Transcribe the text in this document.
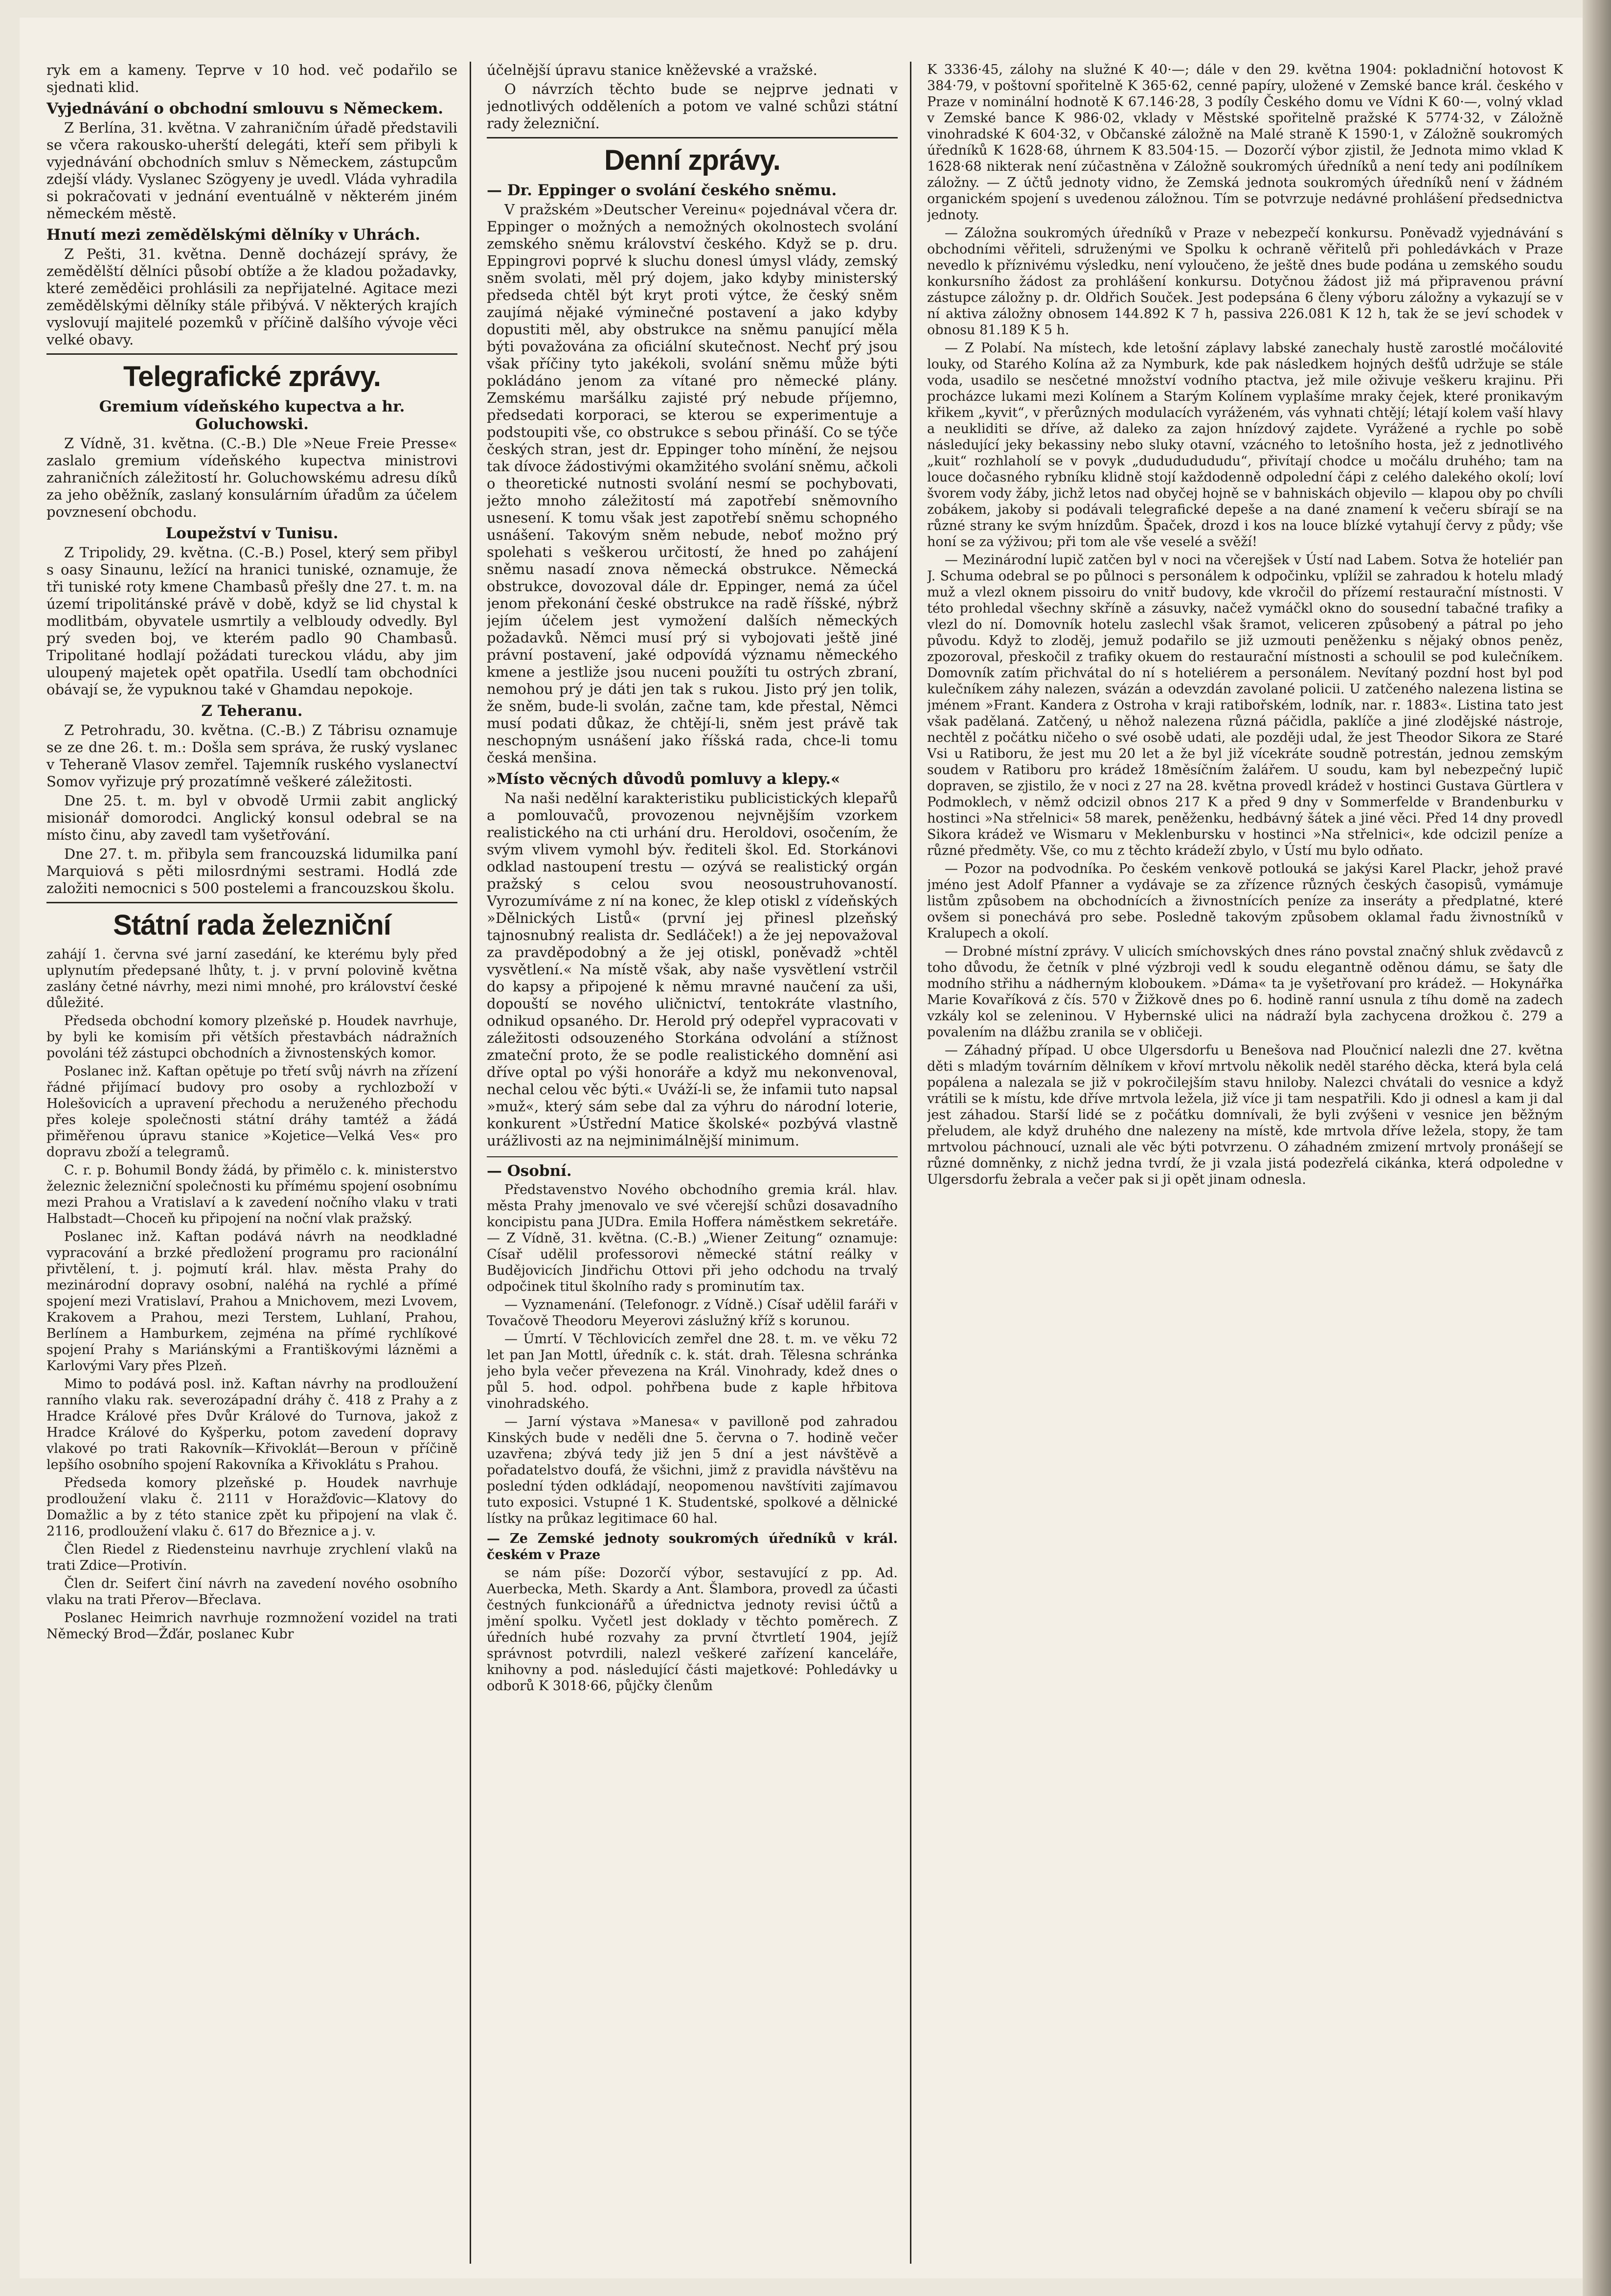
ryk em a kameny. Teprve v 10 hod. več podařilo se sjednati klid.

Vyjednávání o obchodní smlouvu s Německem.

Z Berlína, 31. května. V zahraničním úřadě představili se včera rakousko-uherští delegáti, kteří sem přibyli k vyjednávání obchodních smluv s Německem, zástupcům zdejší vlády. Vyslanec Szögyeny je uvedl. Vláda vyhradila si pokračovati v jednání eventuálně v některém jiném německém městě.

Hnutí mezi zemědělskými dělníky v Uhrách.

Z Pešti, 31. května. Denně docházejí správy, že zemědělští dělníci působí obtíže a že kladou požadavky, které zeměděici prohlásili za nepřijatelné. Agitace mezi zemědělskými dělníky stále přibývá. V některých krajích vyslovují majitelé pozemků v příčině dalšího vývoje věci velké obavy.

Telegrafické zprávy.
Gremium vídeňského kupectva a hr. Goluchowski.

Z Vídně, 31. května. (C.-B.) Dle »Neue Freie Presse« zaslalo gremium vídeňského kupectva ministrovi zahraničních záležitostí hr. Goluchowskému adresu díků za jeho oběžník, zaslaný konsulárním úřadům za účelem povznesení obchodu.

Loupežství v Tunisu.

Z Tripolidy, 29. května. (C.-B.) Posel, který sem přibyl s oasy Sinaunu, ležící na hranici tuniské, oznamuje, že tři tuniské roty kmene Chambasů přešly dne 27. t. m. na území tripolitánské právě v době, když se lid chystal k modlitbám, obyvatele usmrtily a velbloudy odvedly. Byl prý sveden boj, ve kterém padlo 90 Chambasů. Tripolitané hodlají požádati tureckou vládu, aby jim uloupený majetek opět opatřila. Usedlí tam obchodníci obávají se, že vypuknou také v Ghamdau nepokoje.

Z Teheranu.

Z Petrohradu, 30. května. (C.-B.) Z Tábrisu oznamuje se ze dne 26. t. m.: Došla sem správa, že ruský vyslanec v Teheraně Vlasov zemřel. Tajemník ruského vyslanectví Somov vyřizuje prý prozatímně veškeré záležitosti.

Dne 25. t. m. byl v obvodě Urmii zabit anglický misionář domorodci. Anglický konsul odebral se na místo činu, aby zavedl tam vyšetřování.

Dne 27. t. m. přibyla sem francouzská lidumilka paní Marquiová s pěti milosrdnými sestrami. Hodlá zde založiti nemocnici s 500 postelemi a francouzskou školu.

Státní rada železniční

zahájí 1. června své jarní zasedání, ke kterému byly před uplynutím předepsané lhůty, t. j. v první polovině května zaslány četné návrhy, mezi nimi mnohé, pro království české důležité.

Předseda obchodní komory plzeňské p. Houdek navrhuje, by byli ke komisím při větších přestavbách nádražních povoláni též zástupci obchodních a živnostenských komor.

Poslanec inž. Kaftan opětuje po třetí svůj návrh na zřízení řádné přijímací budovy pro osoby a rychlozboží v Holešovicích a upravení přechodu a neruženého přechodu přes koleje společnosti státní dráhy tamtéž a žádá přiměřenou úpravu stanice »Kojetice—Velká Ves« pro dopravu zboží a telegramů.

C. r. p. Bohumil Bondy žádá, by přimělo c. k. ministerstvo železnic železniční společnosti ku přímému spojení osobnímu mezi Prahou a Vratislaví a k zavedení nočního vlaku v trati Halbstadt—Choceň ku připojení na noční vlak pražský.

Poslanec inž. Kaftan podává návrh na neodkladné vypracování a brzké předložení programu pro racionální přivtělení, t. j. pojmutí král. hlav. města Prahy do mezinárodní dopravy osobní, naléhá na rychlé a přímé spojení mezi Vratislaví, Prahou a Mnichovem, mezi Lvovem, Krakovem a Prahou, mezi Terstem, Luhlaní, Prahou, Berlínem a Hamburkem, zejména na přímé rychlíkové spojení Prahy s Mariánskými a Františkovými lázněmi a Karlovými Vary přes Plzeň.

Mimo to podává posl. inž. Kaftan návrhy na prodloužení ranního vlaku rak. severozápadní dráhy č. 418 z Prahy a z Hradce Králové přes Dvůr Králové do Turnova, jakož z Hradce Králové do Kyšperku, potom zavedení dopravy vlakové po trati Rakovník—Křivoklát—Beroun v příčině lepšího osobního spojení Rakovníka a Křivoklátu s Prahou.

Předseda komory plzeňské p. Houdek navrhuje prodloužení vlaku č. 2111 v Horažďovic—Klatovy do Domažlic a by z této stanice zpět ku připojení na vlak č. 2116, prodloužení vlaku č. 617 do Březnice a j. v.

Člen Riedel z Riedensteinu navrhuje zrychlení vlaků na trati Zdice—Protivín.

Člen dr. Seifert činí návrh na zavedení nového osobního vlaku na trati Přerov—Břeclava.

Poslanec Heimrich navrhuje rozmnožení vozidel na trati Německý Brod—Žďár, poslanec Kubr

účelnější úpravu stanice kněževské a vražské.

O návrzích těchto bude se nejprve jednati v jednotlivých odděleních a potom ve valné schůzi státní rady železniční.

Denní zprávy.
— Dr. Eppinger o svolání českého sněmu.

V pražském »Deutscher Vereinu« pojednával včera dr. Eppinger o možných a nemožných okolnostech svolání zemského sněmu království českého. Když se p. dru. Eppingrovi poprvé k sluchu donesl úmysl vlády, zemský sněm svolati, měl prý dojem, jako kdyby ministerský předseda chtěl být kryt proti výtce, že český sněm zaujímá nějaké výminečné postavení a jako kdyby dopustiti měl, aby obstrukce na sněmu panující měla býti považována za oficiální skutečnost. Nechť prý jsou však příčiny tyto jakékoli, svolání sněmu může býti pokládáno jenom za vítané pro německé plány. Zemskému maršálku zajisté prý nebude příjemno, předsedati korporaci, se kterou se experimentuje a podstoupiti vše, co obstrukce s sebou přináší. Co se týče českých stran, jest dr. Eppinger toho mínění, že nejsou tak dívoce žádostivými okamžitého svolání sněmu, ačkoli o theoretické nutnosti svolání nesmí se pochybovati, ježto mnoho záležitostí má zapotřebí sněmovního usnesení. K tomu však jest zapotřebí sněmu schopného usnášení. Takovým sněm nebude, neboť možno prý spolehati s veškerou určitostí, že hned po zahájení sněmu nasadí znova německá obstrukce. Německá obstrukce, dovozoval dále dr. Eppinger, nemá za účel jenom překonání české obstrukce na radě říšské, nýbrž jejím účelem jest vymožení dalších německých požadavků. Němci musí prý si vybojovati ještě jiné právní postavení, jaké odpovídá významu německého kmene a jestliže jsou nuceni použíti tu ostrých zbraní, nemohou prý je dáti jen tak s rukou. Jisto prý jen tolik, že sněm, bude-li svolán, začne tam, kde přestal, Němci musí podati důkaz, že chtějí-li, sněm jest právě tak neschopným usnášení jako říšská rada, chce-li tomu česká menšina.

»Místo věcných důvodů pomluvy a klepy.«

Na naši nedělní karakteristiku publicistických klepařů a pomlouvačů, provozenou nejvnějším vzorkem realistického na cti urhání dru. Heroldovi, osočením, že svým vlivem vymohl býv. řediteli škol. Ed. Storkánovi odklad nastoupení trestu — ozývá se realistický orgán pražský s celou svou neosoustruhovaností. Vyrozumíváme z ní na konec, že klep otiskl z vídeňských »Dělnických Listů« (první jej přinesl plzeňský tajnosnubný realista dr. Sedláček!) a že jej nepovažoval za pravděpodobný a že jej otiskl, poněvadž »chtěl vysvětlení.« Na místě však, aby naše vysvětlení vstrčil do kapsy a připojené k němu mravné naučení za uši, dopouští se nového uličnictví, tentokráte vlastního, odnikud opsaného. Dr. Herold prý odepřel vypracovati v záležitosti odsouzeného Storkána odvolání a stížnost zmateční proto, že se podle realistického domnění asi dříve optal po výši honoráře a když mu nekonvenoval, nechal celou věc býti.« Uváží-li se, že infamii tuto napsal »muž«, který sám sebe dal za výhru do národní loterie, konkurent »Ústřední Matice školské« pozbývá vlastně urážlivosti az na nejminimálnější minimum.

— Osobní.

Představenstvo Nového obchodního gremia král. hlav. města Prahy jmenovalo ve své včerejší schůzi dosavadního koncipistu pana JUDra. Emila Hoffera náměstkem sekretáře. — Z Vídně, 31. května. (C.-B.) „Wiener Zeitung“ oznamuje: Císař udělil professorovi německé státní reálky v Budějovicích Jindřichu Ottovi při jeho odchodu na trvalý odpočinek titul školního rady s prominutím tax.

— Vyznamenání. (Telefonogr. z Vídně.) Císař udělil faráři v Tovačově Theodoru Meyerovi záslužný kříž s korunou.

— Úmrtí. V Těchlovicích zemřel dne 28. t. m. ve věku 72 let pan Jan Mottl, úředník c. k. stát. drah. Tělesna schránka jeho byla večer převezena na Král. Vinohrady, kdež dnes o půl 5. hod. odpol. pohřbena bude z kaple hřbitova vinohradského.

— Jarní výstava »Manesa« v pavilloně pod zahradou Kinských bude v neděli dne 5. června o 7. hodině večer uzavřena; zbývá tedy již jen 5 dní a jest návštěvě a pořadatelstvo doufá, že všichni, jimž z pravidla návštěvu na poslední týden odkládají, neopomenou navštíviti zajímavou tuto exposici. Vstupné 1 K. Studentské, spolkové a dělnické lístky na průkaz legitimace 60 hal.

— Ze Zemské jednoty soukromých úředníků v král. českém v Praze

se nám píše: Dozorčí výbor, sestavující z pp. Ad. Auerbecka, Meth. Skardy a Ant. Šlambora, provedl za účasti čestných funkcionářů a úřednictva jednoty revisi účtů a jmění spolku. Vyčetl jest doklady v těchto poměrech. Z úředních hubé rozvahy za první čtvrtletí 1904, jejíž správnost potvrdili, nalezl veškeré zařízení kanceláře, knihovny a pod. následující části majetkové: Pohledávky u odborů K 3018·66, půjčky členům

K 3336·45, zálohy na služné K 40·—; dále v den 29. května 1904: pokladniční hotovost K 384·79, v poštovní spořitelně K 365·62, cenné papíry, uložené v Zemské bance král. českého v Praze v nominální hodnotě K 67.146·28, 3 podíly Českého domu ve Vídni K 60·—, volný vklad v Zemské bance K 986·02, vklady v Městské spořitelně pražské K 5774·32, v Záložně vinohradské K 604·32, v Občanské záložně na Malé straně K 1590·1, v Záložně soukromých úředníků K 1628·68, úhrnem K 83.504·15. — Dozorčí výbor zjistil, že Jednota mimo vklad K 1628·68 nikterak není zúčastněna v Záložně soukromých úředníků a není tedy ani podílníkem záložny. — Z účtů jednoty vidno, že Zemská jednota soukromých úředníků není v žádném organickém spojení s uvedenou záložnou. Tím se potvrzuje nedávné prohlášení předsednictva jednoty.

— Záložna soukromých úředníků v Praze v nebezpečí konkursu. Poněvadž vyjednávání s obchodními věřiteli, sdruženými ve Spolku k ochraně věřitelů při pohledávkách v Praze nevedlo k příznivému výsledku, není vyloučeno, že ještě dnes bude podána u zemského soudu konkursního žádost za prohlášení konkursu. Dotyčnou žádost již má připravenou právní zástupce záložny p. dr. Oldřich Souček. Jest podepsána 6 členy výboru záložny a vykazují se v ní aktiva záložny obnosem 144.892 K 7 h, passiva 226.081 K 12 h, tak že se jeví schodek v obnosu 81.189 K 5 h.

— Z Polabí. Na místech, kde letošní záplavy labské zanechaly hustě zarostlé močálovité louky, od Starého Kolína až za Nymburk, kde pak následkem hojných dešťů udržuje se stále voda, usadilo se nesčetné množství vodního ptactva, jež mile oživuje veškeru krajinu. Při procházce lukami mezi Kolínem a Starým Kolínem vyplašíme mraky čejek, které pronikavým křikem „kyvit“, v přerůzných modulacích vyráženém, vás vyhnati chtějí; létají kolem vaší hlavy a neukliditi se dříve, až daleko za zajon hnízdový zajdete. Vyrážené a rychle po sobě následující jeky bekassiny nebo sluky otavní, vzácného to letošního hosta, jež z jednotlivého „kuit“ rozhlaholí se v povyk „dudududududu“, přivítají chodce u močálu druhého; tam na louce dočasného rybníku klidně stojí každodenně odpolední čápi z celého dalekého okolí; loví švorem vody žáby, jichž letos nad obyčej hojně se v bahniskách objevilo — klapou oby po chvíli zobákem, jakoby si podávali telegrafické depeše a na dané znamení k večeru sbírají se na různé strany ke svým hnízdům. Špaček, drozd i kos na louce blízké vytahují červy z půdy; vše honí se za výživou; při tom ale vše veselé a svěží!

— Mezinárodní lupič zatčen byl v noci na včerejšek v Ústí nad Labem. Sotva že hoteliér pan J. Schuma odebral se po půlnoci s personálem k odpočinku, vplížil se zahradou k hotelu mladý muž a vlezl oknem pissoiru do vnitř budovy, kde vkročil do přízemí restaurační místnosti. V této prohledal všechny skříně a zásuvky, načež vymáčkl okno do sousední tabačné trafiky a vlezl do ní. Domovník hotelu zaslechl však šramot, veliceren způsobený a pátral po jeho původu. Když to zloděj, jemuž podařilo se již uzmouti peněženku s nějaký obnos peněz, zpozoroval, přeskočil z trafiky okuem do restaurační místnosti a schoulil se pod kulečníkem. Domovník zatím přichvátal do ní s hoteliérem a personálem. Nevítaný pozdní host byl pod kulečníkem záhy nalezen, svázán a odevzdán zavolané policii. U zatčeného nalezena listina se jménem »Frant. Kandera z Ostroha v kraji ratibořském, lodník, nar. r. 1883«. Listina tato jest však padělaná. Zatčený, u něhož nalezena různá páčidla, paklíče a jiné zlodějské nástroje, nechtěl z počátku ničeho o své osobě udati, ale později udal, že jest Theodor Sikora ze Staré Vsi u Ratiboru, že jest mu 20 let a že byl již vícekráte soudně potrestán, jednou zemským soudem v Ratiboru pro krádež 18měsíčním žalářem. U soudu, kam byl nebezpečný lupič dopraven, se zjistilo, že v noci z 27 na 28. května provedl krádež v hostinci Gustava Gürtlera v Podmoklech, v němž odcizil obnos 217 K a před 9 dny v Sommerfelde v Brandenburku v hostinci »Na střelnici« 58 marek, peněženku, hedbávný šátek a jiné věci. Před 14 dny provedl Sikora krádež ve Wismaru v Meklenbursku v hostinci »Na střelnici«, kde odcizil peníze a různé předměty. Vše, co mu z těchto krádeží zbylo, v Ústí mu bylo odňato.

— Pozor na podvodníka. Po českém venkově potlouká se jakýsi Karel Plackr, jehož pravé jméno jest Adolf Pfanner a vydávaje se za zřízence různých českých časopisů, vymámuje listům způsobem na obchodnících a živnostnících peníze za inseráty a předplatné, které ovšem si ponechává pro sebe. Posledně takovým způsobem oklamal řadu živnostníků v Kralupech a okolí.

— Drobné místní zprávy. V ulicích smíchovských dnes ráno povstal značný shluk zvědavců z toho důvodu, že četník v plné výzbroji vedl k soudu elegantně oděnou dámu, se šaty dle modního střihu a nádherným kloboukem. »Dáma« ta je vyšetřovaní pro krádež. — Hokynářka Marie Kovaříková z čís. 570 v Žižkově dnes po 6. hodině ranní usnula z tíhu domě na zadech vzkály kol se zeleninou. V Hybernské ulici na nádraží byla zachycena drožkou č. 279 a povalením na dlážbu zranila se v obličeji.

— Záhadný případ. U obce Ulgersdorfu u Benešova nad Ploučnicí nalezli dne 27. května děti s mladým továrním dělníkem v křoví mrtvolu několik neděl starého děcka, která byla celá popálena a nalezala se již v pokročilejším stavu hniloby. Nalezci chvátali do vesnice a když vrátili se k místu, kde dříve mrtvola ležela, již více ji tam nespatřili. Kdo ji odnesl a kam ji dal jest záhadou. Starší lidé se z počátku domnívali, že byli zvýšeni v vesnice jen běžným přeludem, ale když druhého dne nalezeny na místě, kde mrtvola dříve ležela, stopy, že tam mrtvolou páchnoucí, uznali ale věc býti potvrzenu. O záhadném zmizení mrtvoly pronášejí se různé domněnky, z nichž jedna tvrdí, že ji vzala jistá podezřelá cikánka, která odpoledne v Ulgersdorfu žebrala a večer pak si ji opět jinam odnesla.
